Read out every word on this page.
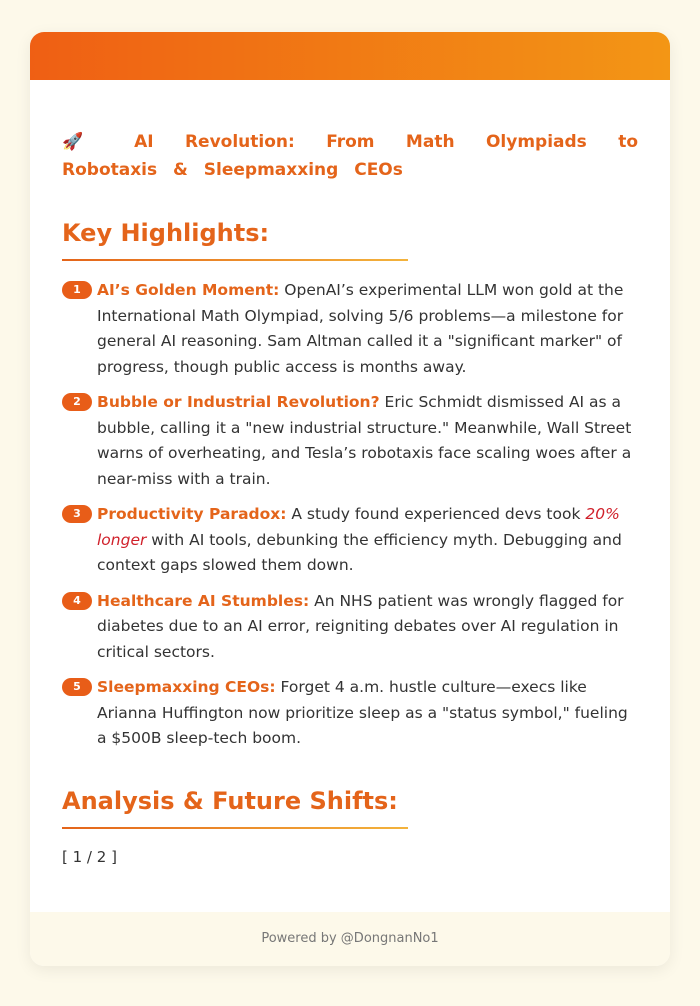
🚀 AI Revolution: From Math Olympiads to Robotaxis & Sleepmaxxing CEOs
Key Highlights:
1	AI’s Golden Moment: OpenAI’s experimental LLM won gold at the International Math Olympiad, solving 5/6 problems—a milestone for general AI reasoning. Sam Altman called it a "significant marker" of progress, though public access is months away.
2	Bubble or Industrial Revolution? Eric Schmidt dismissed AI as a bubble, calling it a "new industrial structure." Meanwhile, Wall Street warns of overheating, and Tesla’s robotaxis face scaling woes after a near-miss with a train.
3	Productivity Paradox: A study found experienced devs took 20% longer with AI tools, debunking the efficiency myth. Debugging and context gaps slowed them down.
4	Healthcare AI Stumbles: An NHS patient was wrongly flagged for diabetes due to an AI error, reigniting debates over AI regulation in critical sectors.
5	Sleepmaxxing CEOs: Forget 4 a.m. hustle culture—execs like Arianna Huffington now prioritize sleep as a "status symbol," fueling a $500B sleep-tech boom.
Analysis & Future Shifts:
[ 1 / 2 ]
Powered by @DongnanNo1
